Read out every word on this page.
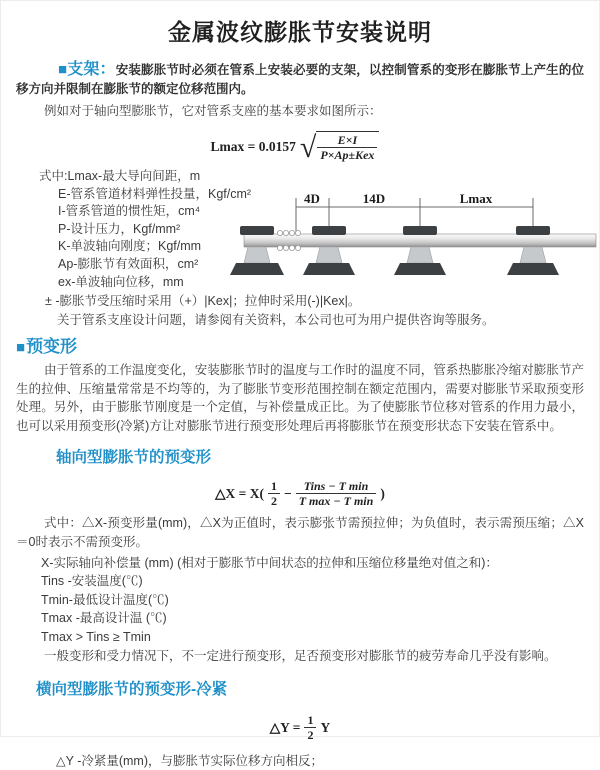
金属波纹膨胀节安装说明

■支架：安装膨胀节时必须在管系上安装必要的支架，以控制管系的变形在膨胀节上产生的位移方向并限制在膨胀节的额定位移范围内。

例如对于轴向型膨胀节，它对管系支座的基本要求如图所示：

Lmax = 0.0157 √ $\frac{E\times I}{\text{P×Ap±Kex}}$
式中:Lmax-最大导向间距，m
E-管系管道材料弹性投量，Kgf/cm²
I-管系管道的惯性矩，cm⁴
P-设计压力，Kgf/mm²
K-单波轴向刚度；Kgf/mm
Ap-膨胀节有效面积，cm²
ex-单波轴向位移，mm
4D	14D	Lmax
± -膨胀节受压缩时采用（+）|Kex|；拉伸时采用(-)|Kex|。
关于管系支座设计问题，请参阅有关资料，本公司也可为用户提供咨询等服务。
■预变形

由于管系的工作温度变化，安装膨胀节时的温度与工作时的温度不同，管系热膨胀冷缩对膨胀节产生的拉伸、压缩量常常是不均等的，为了膨胀节变形范围控制在额定范围内，需要对膨胀节采取预变形处理。另外，由于膨胀节刚度是一个定值，与补偿量成正比。为了使膨胀节位移对管系的作用力最小，也可以采用预变形(冷紧)方让对膨胀节进行预变形处理后再将膨胀节在预变形状态下安装在管系中。

轴向型膨胀节的预变形
△X = $X( \frac{1}{2} - \frac{\text{Tins − T min}}{\text{T max − T min}}$ )

式中：△X-预变形量(mm)，△X为正值时，表示膨张节需预拉伸；为负值时，表示需预压缩；△X＝0时表示不需预变形。

X-实际轴向补偿量 (mm) (相对于膨胀节中间状态的拉伸和压缩位移量绝对值之和)：
Tins -安装温度(℃)
Tmin-最低设计温度(℃)
Tmax -最高设计温 (℃)
Tmax > Tins ≥ Tmin

一般变形和受力情况下，不一定进行预变形，足否预变形对膨胀节的疲劳寿命几乎没有影响。

横向型膨胀节的预变形-冷紧
△Y = $\frac{1}{2}$ Y
△Y -冷紧量(mm)，与膨胀节实际位移方向相反；
